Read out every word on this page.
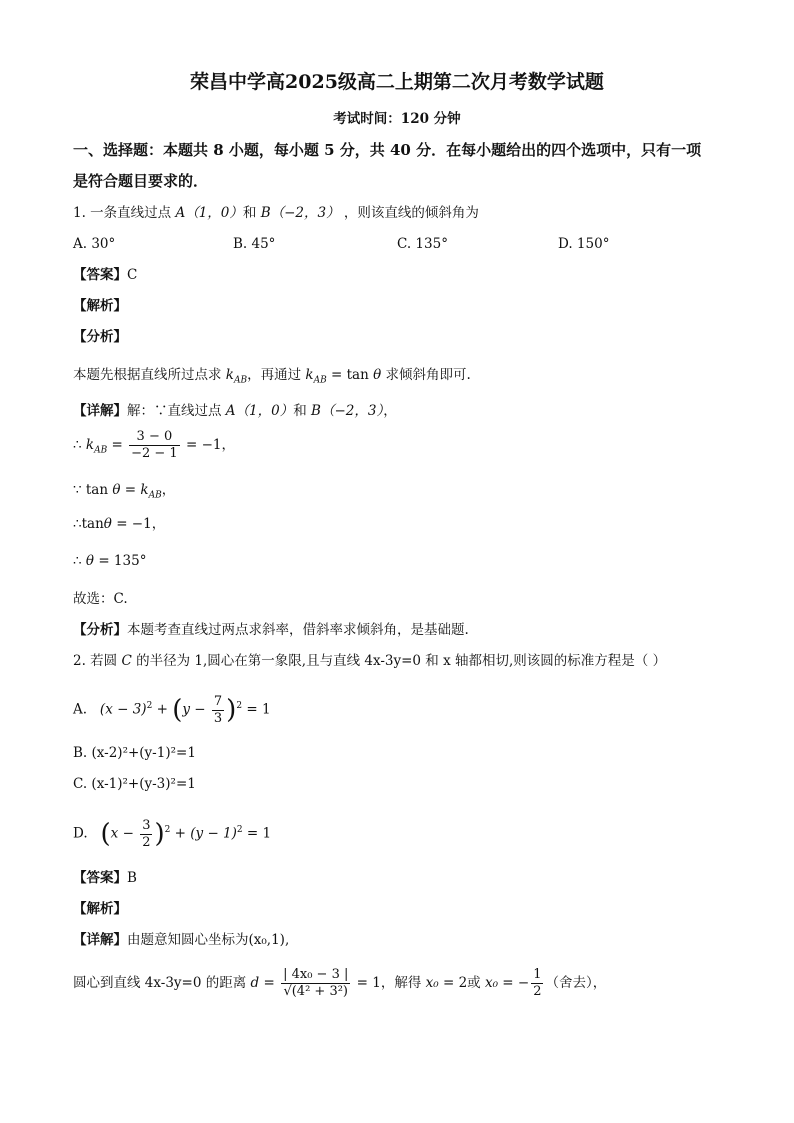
荣昌中学高2025级高二上期第二次月考数学试题
考试时间：120 分钟
一、选择题：本题共 8 小题，每小题 5 分，共 40 分．在每小题给出的四个选项中，只有一项
是符合题目要求的．
1. 一条直线过点 A（1，0）和 B（−2，3） ，则该直线的倾斜角为
A. 30°	B. 45°	C. 135°	D. 150°
【答案】C
【解析】
【分析】
本题先根据直线所过点求 $k_{AB}$，再通过 $k_{AB} = \tan \theta$ 求倾斜角即可.
【详解】解：∵直线过点 A（1，0）和 B（−2，3），
∴ $k_{AB} = \frac{3 - 0}{-2 - 1} = -1$，
∵ $\tan \theta = k_{AB}$，
∴tanθ = −1，
∴ θ = 135°
故选：C.
【分析】本题考查直线过两点求斜率，借斜率求倾斜角，是基础题.
2. 若圆 C 的半径为 1,圆心在第一象限,且与直线 4x-3y=0 和 x 轴都相切,则该圆的标准方程是（ ）
A. $(x - 3)^2 + (y - \frac{7}{3} )^2 = 1$
B. (x-2)²+(y-1)²=1
C. (x-1)²+(y-3)²=1
D. $(x - \frac{3}{2} )^2 + (y - 1)^2 = 1$
【答案】B
【解析】
【详解】由题意知圆心坐标为(x₀,1),
圆心到直线 4x-3y=0 的距离 $d = \frac{\text{| 4x₀ − 3 |}}{\text{√(4² + 3²)}} = 1$，解得 x₀ = 2或 x₀ = − $\frac{1}{2}$ （舍去），
